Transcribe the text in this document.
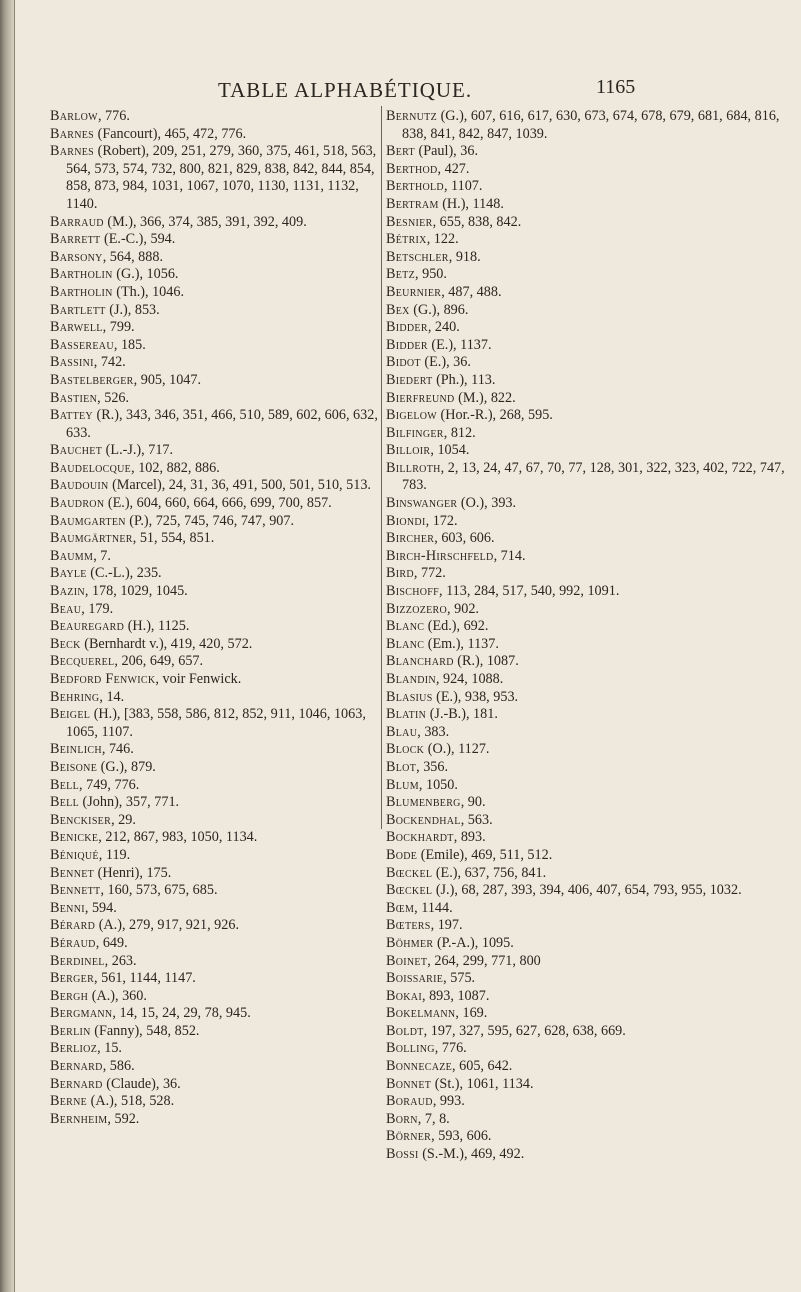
TABLE ALPHABÉTIQUE.	1165
Barlow, 776.
Barnes (Fancourt), 465, 472, 776.
Barnes (Robert), 209, 251, 279, 360, 375, 461, 518, 563, 564, 573, 574, 732, 800, 821, 829, 838, 842, 844, 854, 858, 873, 984, 1031, 1067, 1070, 1130, 1131, 1132, 1140.
Barraud (M.), 366, 374, 385, 391, 392, 409.
Barrett (E.-C.), 594.
Barsony, 564, 888.
Bartholin (G.), 1056.
Bartholin (Th.), 1046.
Bartlett (J.), 853.
Barwell, 799.
Bassereau, 185.
Bassini, 742.
Bastelberger, 905, 1047.
Bastien, 526.
Battey (R.), 343, 346, 351, 466, 510, 589, 602, 606, 632, 633.
Bauchet (L.-J.), 717.
Baudelocque, 102, 882, 886.
Baudouin (Marcel), 24, 31, 36, 491, 500, 501, 510, 513.
Baudron (E.), 604, 660, 664, 666, 699, 700, 857.
Baumgarten (P.), 725, 745, 746, 747, 907.
Baumgärtner, 51, 554, 851.
Baumm, 7.
Bayle (C.-L.), 235.
Bazin, 178, 1029, 1045.
Beau, 179.
Beauregard (H.), 1125.
Beck (Bernhardt v.), 419, 420, 572.
Becquerel, 206, 649, 657.
Bedford Fenwick, voir Fenwick.
Behring, 14.
Beigel (H.), [383, 558, 586, 812, 852, 911, 1046, 1063, 1065, 1107.
Beinlich, 746.
Beisone (G.), 879.
Bell, 749, 776.
Bell (John), 357, 771.
Benckiser, 29.
Benicke, 212, 867, 983, 1050, 1134.
Béniqué, 119.
Bennet (Henri), 175.
Bennett, 160, 573, 675, 685.
Benni, 594.
Bérard (A.), 279, 917, 921, 926.
Béraud, 649.
Berdinel, 263.
Berger, 561, 1144, 1147.
Bergh (A.), 360.
Bergmann, 14, 15, 24, 29, 78, 945.
Berlin (Fanny), 548, 852.
Berlioz, 15.
Bernard, 586.
Bernard (Claude), 36.
Berne (A.), 518, 528.
Bernheim, 592.
Bernutz (G.), 607, 616, 617, 630, 673, 674, 678, 679, 681, 684, 816, 838, 841, 842, 847, 1039.
Bert (Paul), 36.
Berthod, 427.
Berthold, 1107.
Bertram (H.), 1148.
Besnier, 655, 838, 842.
Bétrix, 122.
Betschler, 918.
Betz, 950.
Beurnier, 487, 488.
Bex (G.), 896.
Bidder, 240.
Bidder (E.), 1137.
Bidot (E.), 36.
Biedert (Ph.), 113.
Bierfreund (M.), 822.
Bigelow (Hor.-R.), 268, 595.
Bilfinger, 812.
Billoir, 1054.
Billroth, 2, 13, 24, 47, 67, 70, 77, 128, 301, 322, 323, 402, 722, 747, 783.
Binswanger (O.), 393.
Biondi, 172.
Bircher, 603, 606.
Birch-Hirschfeld, 714.
Bird, 772.
Bischoff, 113, 284, 517, 540, 992, 1091.
Bizzozero, 902.
Blanc (Ed.), 692.
Blanc (Em.), 1137.
Blanchard (R.), 1087.
Blandin, 924, 1088.
Blasius (E.), 938, 953.
Blatin (J.-B.), 181.
Blau, 383.
Block (O.), 1127.
Blot, 356.
Blum, 1050.
Blumenberg, 90.
Bockendhal, 563.
Bockhardt, 893.
Bode (Emile), 469, 511, 512.
Bœckel (E.), 637, 756, 841.
Bœckel (J.), 68, 287, 393, 394, 406, 407, 654, 793, 955, 1032.
Bœm, 1144.
Bœters, 197.
Böhmer (P.-A.), 1095.
Boinet, 264, 299, 771, 800
Boissarie, 575.
Bokai, 893, 1087.
Bokelmann, 169.
Boldt, 197, 327, 595, 627, 628, 638, 669.
Bolling, 776.
Bonnecaze, 605, 642.
Bonnet (St.), 1061, 1134.
Boraud, 993.
Born, 7, 8.
Börner, 593, 606.
Bossi (S.-M.), 469, 492.
